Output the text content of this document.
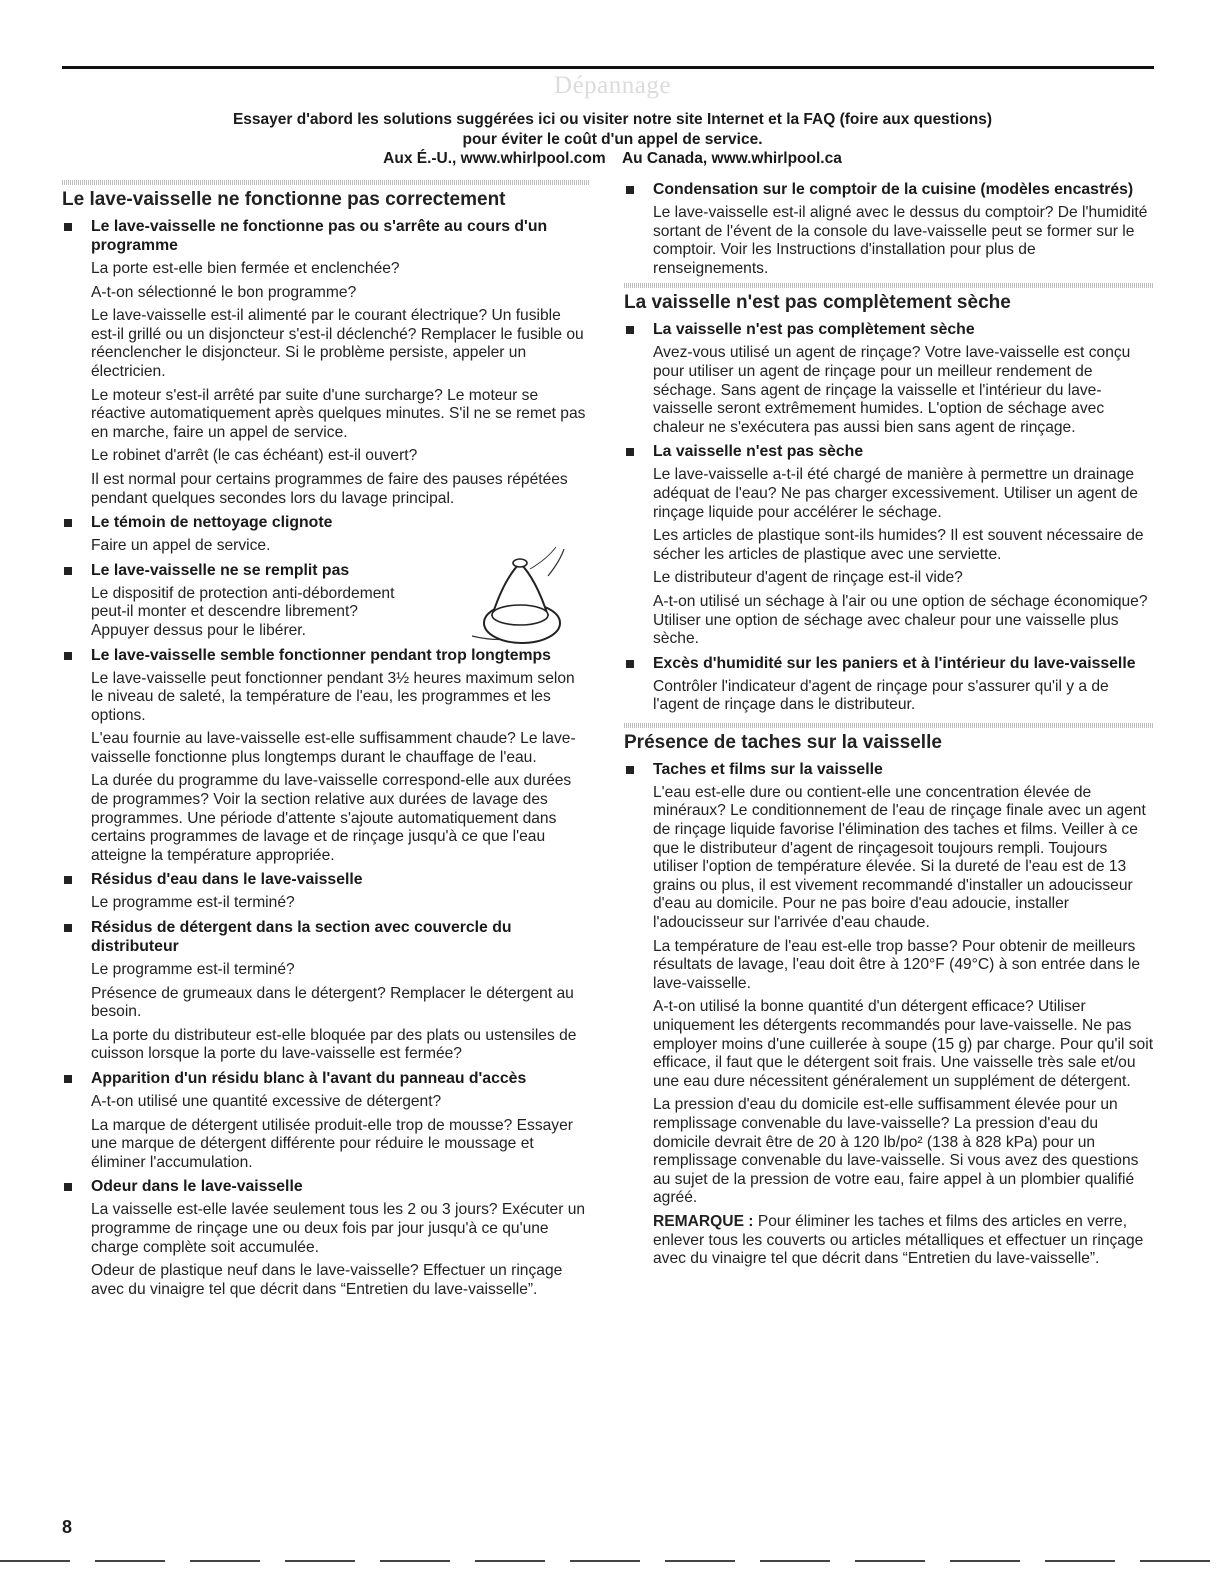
Dépannage
Essayer d'abord les solutions suggérées ici ou visiter notre site Internet et la FAQ (foire aux questions)
pour éviter le coût d'un appel de service.
Aux É.-U., www.whirlpool.com Au Canada, www.whirlpool.ca
Le lave-vaisselle ne fonctionne pas correctement
Le lave-vaisselle ne fonctionne pas ou s'arrête au cours d'un programme
La porte est-elle bien fermée et enclenchée?
A-t-on sélectionné le bon programme?
Le lave-vaisselle est-il alimenté par le courant électrique? Un fusible est-il grillé ou un disjoncteur s'est-il déclenché? Remplacer le fusible ou réenclencher le disjoncteur. Si le problème persiste, appeler un électricien.
Le moteur s'est-il arrêté par suite d'une surcharge? Le moteur se réactive automatiquement après quelques minutes. S'il ne se remet pas en marche, faire un appel de service.
Le robinet d'arrêt (le cas échéant) est-il ouvert?
Il est normal pour certains programmes de faire des pauses répétées pendant quelques secondes lors du lavage principal.
Le témoin de nettoyage clignote
Faire un appel de service.
Le lave-vaisselle ne se remplit pas
Le dispositif de protection anti-débordement peut-il monter et descendre librement? Appuyer dessus pour le libérer.
Le lave-vaisselle semble fonctionner pendant trop longtemps
Le lave-vaisselle peut fonctionner pendant 3½ heures maximum selon le niveau de saleté, la température de l'eau, les programmes et les options.
L'eau fournie au lave-vaisselle est-elle suffisamment chaude? Le lave-vaisselle fonctionne plus longtemps durant le chauffage de l'eau.
La durée du programme du lave-vaisselle correspond-elle aux durées de programmes? Voir la section relative aux durées de lavage des programmes. Une période d'attente s'ajoute automatiquement dans certains programmes de lavage et de rinçage jusqu'à ce que l'eau atteigne la température appropriée.
Résidus d'eau dans le lave-vaisselle
Le programme est-il terminé?
Résidus de détergent dans la section avec couvercle du distributeur
Le programme est-il terminé?
Présence de grumeaux dans le détergent? Remplacer le détergent au besoin.
La porte du distributeur est-elle bloquée par des plats ou ustensiles de cuisson lorsque la porte du lave-vaisselle est fermée?
Apparition d'un résidu blanc à l'avant du panneau d'accès
A-t-on utilisé une quantité excessive de détergent?
La marque de détergent utilisée produit-elle trop de mousse? Essayer une marque de détergent différente pour réduire le moussage et éliminer l'accumulation.
Odeur dans le lave-vaisselle
La vaisselle est-elle lavée seulement tous les 2 ou 3 jours? Exécuter un programme de rinçage une ou deux fois par jour jusqu'à ce qu'une charge complète soit accumulée.
Odeur de plastique neuf dans le lave-vaisselle? Effectuer un rinçage avec du vinaigre tel que décrit dans “Entretien du lave-vaisselle”.
Condensation sur le comptoir de la cuisine (modèles encastrés)
Le lave-vaisselle est-il aligné avec le dessus du comptoir? De l'humidité sortant de l'évent de la console du lave-vaisselle peut se former sur le comptoir. Voir les Instructions d'installation pour plus de renseignements.
La vaisselle n'est pas complètement sèche
La vaisselle n'est pas complètement sèche
Avez-vous utilisé un agent de rinçage? Votre lave-vaisselle est conçu pour utiliser un agent de rinçage pour un meilleur rendement de séchage. Sans agent de rinçage la vaisselle et l'intérieur du lave-vaisselle seront extrêmement humides. L'option de séchage avec chaleur ne s'exécutera pas aussi bien sans agent de rinçage.
La vaisselle n'est pas sèche
Le lave-vaisselle a-t-il été chargé de manière à permettre un drainage adéquat de l'eau? Ne pas charger excessivement. Utiliser un agent de rinçage liquide pour accélérer le séchage.
Les articles de plastique sont-ils humides? Il est souvent nécessaire de sécher les articles de plastique avec une serviette.
Le distributeur d'agent de rinçage est-il vide?
A-t-on utilisé un séchage à l'air ou une option de séchage économique? Utiliser une option de séchage avec chaleur pour une vaisselle plus sèche.
Excès d'humidité sur les paniers et à l'intérieur du lave-vaisselle
Contrôler l'indicateur d'agent de rinçage pour s'assurer qu'il y a de l'agent de rinçage dans le distributeur.
Présence de taches sur la vaisselle
Taches et films sur la vaisselle
L'eau est-elle dure ou contient-elle une concentration élevée de minéraux? Le conditionnement de l'eau de rinçage finale avec un agent de rinçage liquide favorise l'élimination des taches et films. Veiller à ce que le distributeur d'agent de rinçagesoit toujours rempli. Toujours utiliser l'option de température élevée. Si la dureté de l'eau est de 13 grains ou plus, il est vivement recommandé d'installer un adoucisseur d'eau au domicile. Pour ne pas boire d'eau adoucie, installer l'adoucisseur sur l'arrivée d'eau chaude.
La température de l'eau est-elle trop basse? Pour obtenir de meilleurs résultats de lavage, l'eau doit être à 120°F (49°C) à son entrée dans le lave-vaisselle.
A-t-on utilisé la bonne quantité d'un détergent efficace? Utiliser uniquement les détergents recommandés pour lave-vaisselle. Ne pas employer moins d'une cuillerée à soupe (15 g) par charge. Pour qu'il soit efficace, il faut que le détergent soit frais. Une vaisselle très sale et/ou une eau dure nécessitent généralement un supplément de détergent.
La pression d'eau du domicile est-elle suffisamment élevée pour un remplissage convenable du lave-vaisselle? La pression d'eau du domicile devrait être de 20 à 120 lb/po² (138 à 828 kPa) pour un remplissage convenable du lave-vaisselle. Si vous avez des questions au sujet de la pression de votre eau, faire appel à un plombier qualifié agréé.
REMARQUE : Pour éliminer les taches et films des articles en verre, enlever tous les couverts ou articles métalliques et effectuer un rinçage avec du vinaigre tel que décrit dans “Entretien du lave-vaisselle”.
8
